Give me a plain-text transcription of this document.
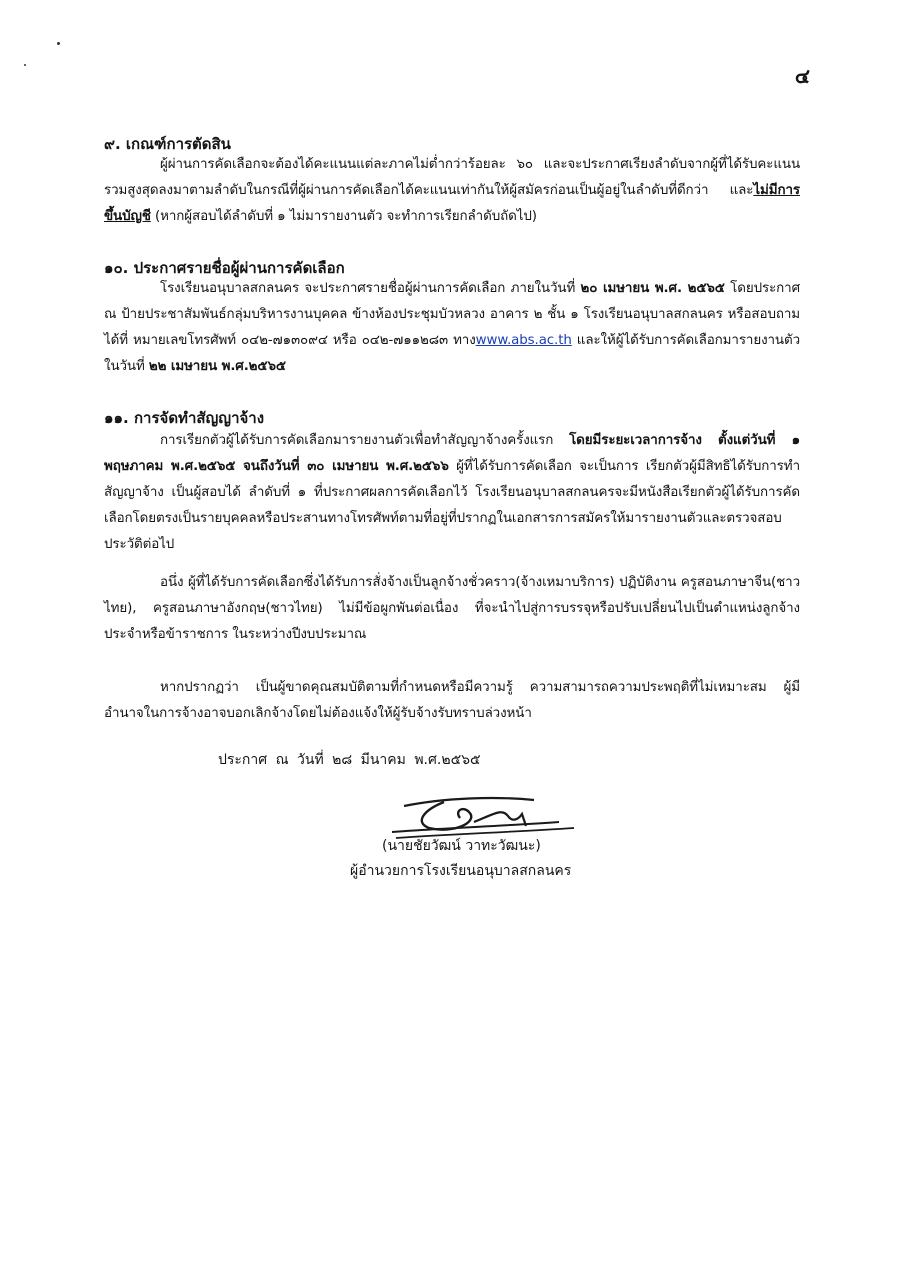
๔
๙. เกณฑ์การตัดสิน
ผู้ผ่านการคัดเลือกจะต้องได้คะแนนแต่ละภาคไม่ต่ำกว่าร้อยละ ๖๐ และจะประกาศเรียงลำดับจากผู้ที่ได้รับคะแนนรวมสูงสุดลงมาตามลำดับในกรณีที่ผู้ผ่านการคัดเลือกได้คะแนนเท่ากันให้ผู้สมัครก่อนเป็นผู้อยู่ในลำดับที่ดีกว่า และไม่มีการขึ้นบัญชี (หากผู้สอบได้ลำดับที่ ๑ ไม่มารายงานตัว จะทำการเรียกลำดับถัดไป)
๑๐. ประกาศรายชื่อผู้ผ่านการคัดเลือก
โรงเรียนอนุบาลสกลนคร จะประกาศรายชื่อผู้ผ่านการคัดเลือก ภายในวันที่ ๒๐ เมษายน พ.ศ. ๒๕๖๕ โดยประกาศ ณ ป้ายประชาสัมพันธ์กลุ่มบริหารงานบุคคล ข้างห้องประชุมบัวหลวง อาคาร ๒ ชั้น ๑ โรงเรียนอนุบาลสกลนคร หรือสอบถามได้ที่ หมายเลขโทรศัพท์ ๐๔๒-๗๑๓๐๙๔ หรือ ๐๔๒-๗๑๑๒๘๓ ทางwww.abs.ac.th และให้ผู้ได้รับการคัดเลือกมารายงานตัว ในวันที่ ๒๒ เมษายน พ.ศ.๒๕๖๕
๑๑. การจัดทำสัญญาจ้าง
การเรียกตัวผู้ได้รับการคัดเลือกมารายงานตัวเพื่อทำสัญญาจ้างครั้งแรก โดยมีระยะเวลาการจ้าง ตั้งแต่วันที่ ๑ พฤษภาคม พ.ศ.๒๕๖๕ จนถึงวันที่ ๓๐ เมษายน พ.ศ.๒๕๖๖ ผู้ที่ได้รับการคัดเลือก จะเป็นการ เรียกตัวผู้มีสิทธิได้รับการทำสัญญาจ้าง เป็นผู้สอบได้ ลำดับที่ ๑ ที่ประกาศผลการคัดเลือกไว้ โรงเรียนอนุบาลสกลนครจะมีหนังสือเรียกตัวผู้ได้รับการคัดเลือกโดยตรงเป็นรายบุคคลหรือประสานทางโทรศัพท์ตามที่อยู่ที่ปรากฏในเอกสารการสมัครให้มารายงานตัวและตรวจสอบประวัติต่อไป
อนึ่ง ผู้ที่ได้รับการคัดเลือกซึ่งได้รับการสั่งจ้างเป็นลูกจ้างชั่วคราว(จ้างเหมาบริการ) ปฏิบัติงาน ครูสอนภาษาจีน(ชาวไทย), ครูสอนภาษาอังกฤษ(ชาวไทย) ไม่มีข้อผูกพันต่อเนื่อง ที่จะนำไปสู่การบรรจุหรือปรับเปลี่ยนไปเป็นตำแหน่งลูกจ้างประจำหรือข้าราชการ ในระหว่างปีงบประมาณ
หากปรากฏว่า เป็นผู้ขาดคุณสมบัติตามที่กำหนดหรือมีความรู้ ความสามารถความประพฤติที่ไม่เหมาะสม ผู้มีอำนาจในการจ้างอาจบอกเลิกจ้างโดยไม่ต้องแจ้งให้ผู้รับจ้างรับทราบล่วงหน้า
ประกาศ ณ วันที่ ๒๘ มีนาคม พ.ศ.๒๕๖๕
(นายชัยวัฒน์ วาทะวัฒนะ)
ผู้อำนวยการโรงเรียนอนุบาลสกลนคร
